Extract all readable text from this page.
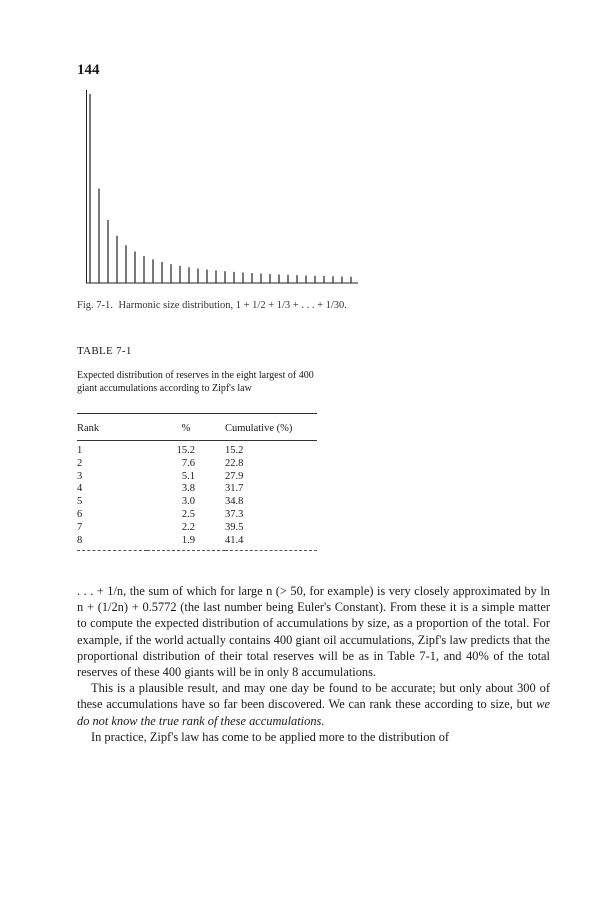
144
Fig. 7-1. Harmonic size distribution, 1 + 1/2 + 1/3 + . . . + 1/30.
TABLE 7-1
Expected distribution of reserves in the eight largest of 400 giant accumulations according to Zipf's law
Rank	%	Cumulative (%)
1	15.2	15.2
2	7.6	22.8
3	5.1	27.9
4	3.8	31.7
5	3.0	34.8
6	2.5	37.3
7	2.2	39.5
8	1.9	41.4

. . . + 1/n, the sum of which for large n (> 50, for example) is very closely approximated by ln n + (1/2n) + 0.5772 (the last number being Euler's Constant). From these it is a simple matter to compute the expected distribution of accumulations by size, as a proportion of the total. For example, if the world actually contains 400 giant oil accumulations, Zipf's law predicts that the proportional distribution of their total reserves will be as in Table 7-1, and 40% of the total reserves of these 400 giants will be in only 8 accumulations.

This is a plausible result, and may one day be found to be accurate; but only about 300 of these accumulations have so far been discovered. We can rank these according to size, but we do not know the true rank of these accumulations.

In practice, Zipf's law has come to be applied more to the distribution of
